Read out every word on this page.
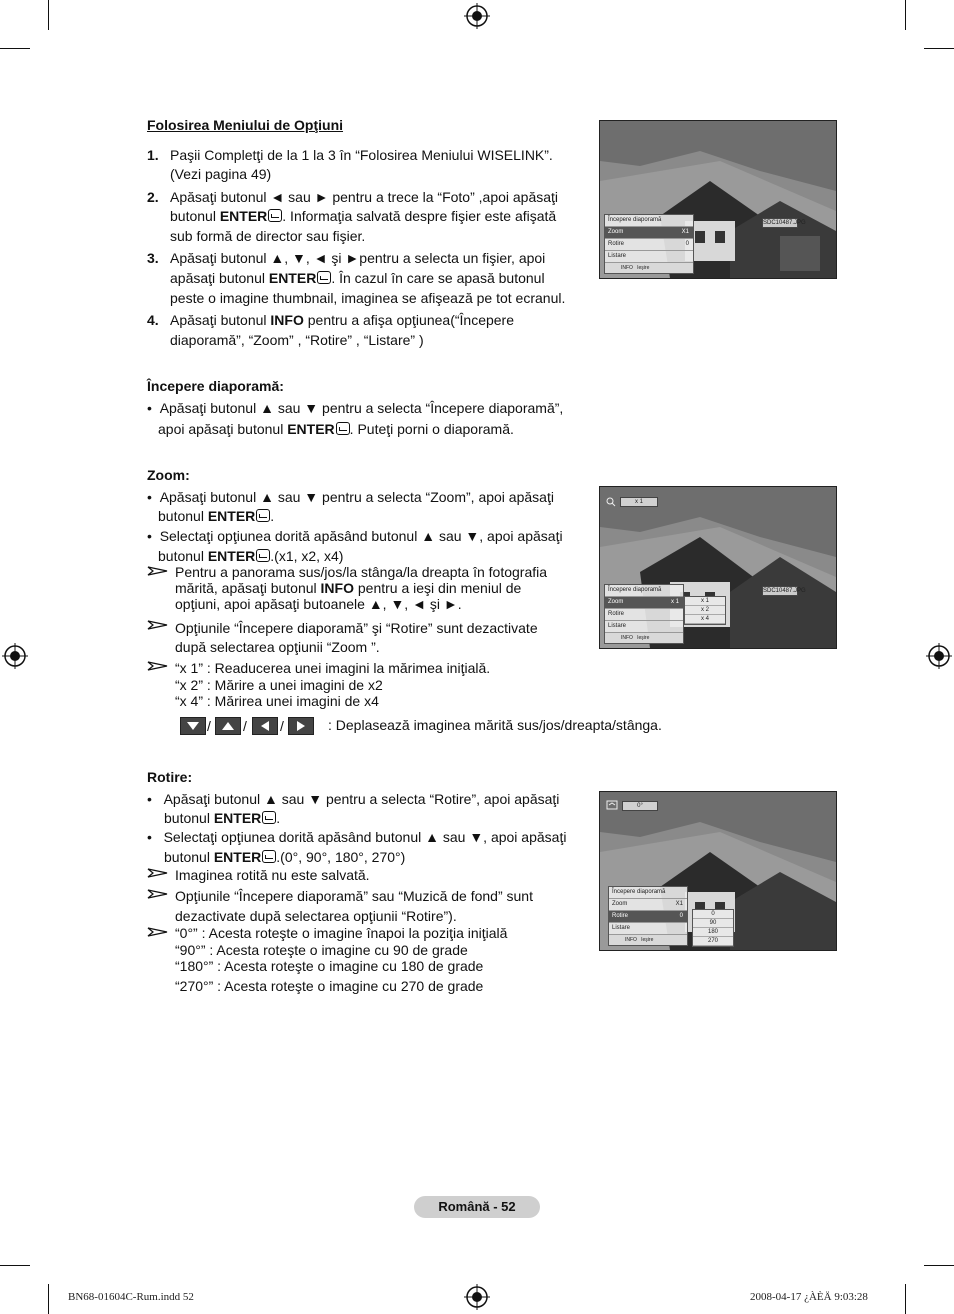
Folosirea Meniului de Opţiuni
1. Paşii Completţi de la 1 la 3 în “Folosirea Meniului WISELINK”.
(Vezi pagina 49)
2. Apăsaţi butonul ◄ sau ► pentru a trece la “Foto” ,apoi apăsaţi
butonul ENTER . Informaţia salvată despre fişier este afişată
sub formă de director sau fişier.
3. Apăsaţi butonul ▲, ▼, ◄ şi ►pentru a selecta un fişier, apoi
apăsaţi butonul ENTER . În cazul în care se apasă butonul
peste o imagine thumbnail, imaginea se afişează pe tot ecranul.
4. Apăsaţi butonul INFO pentru a afişa opţiunea(“Începere
diaporamă”, “Zoom” , “Rotire” , “Listare” )
Începere diaporamă:
•  Apăsaţi butonul ▲ sau ▼ pentru a selecta “Începere diaporamă”,
apoi apăsaţi butonul ENTER . Puteţi porni o diaporamă.
Zoom:
•  Apăsaţi butonul ▲ sau ▼ pentru a selecta “Zoom”, apoi apăsaţi
butonul ENTER .
•  Selectaţi opţiunea dorită apăsând butonul ▲ sau ▼, apoi apăsaţi
butonul ENTER .(x1, x2, x4)
Pentru a panorama sus/jos/la stânga/la dreapta în fotografia
mărită, apăsaţi butonul INFO pentru a ieşi din meniul de
opţiuni, apoi apăsaţi butoanele ▲, ▼, ◄ şi ►.
Opţiunile “Începere diaporamă” şi “Rotire” sunt dezactivate
după selectarea opţiunii “Zoom ”.
“x 1” : Readucerea unei imagini la mărimea iniţială.
“x 2” : Mărire a unei imagini de x2
“x 4” : Mărirea unei imagini de x4
/ / /	: Deplasează imaginea mărită sus/jos/dreapta/stânga.
Rotire:
•   Apăsaţi butonul ▲ sau ▼ pentru a selecta “Rotire”, apoi apăsaţi
butonul ENTER .
•   Selectaţi opţiunea dorită apăsând butonul ▲ sau ▼, apoi apăsaţi
butonul ENTER .(0°, 90°, 180°, 270°)
Imaginea rotită nu este salvată.
Opţiunile “Începere diaporamă” sau “Muzică de fond” sunt
dezactivate după selectarea opţiunii “Rotire”).
“0°” : Acesta roteşte o imagine înapoi la poziţia iniţială
“90°” : Acesta roteşte o imagine cu 90 de grade
“180°” : Acesta roteşte o imagine cu 180 de grade
“270°” : Acesta roteşte o imagine cu 270 de grade
Începere diaporamă
Zoom	X1
Rotire	0
Listare
INFO Ieşire
SDC10487.JPG
x 1
Începere diaporamă
Zoom	x 1
Rotire
Listare
INFO Ieşire
x 1
x 2
x 4
SDC10487.JPG
0°
Începere diaporamă
Zoom	X1
Rotire	0
Listare
INFO Ieşire
0
90
180
270
Română - 52
BN68-01604C-Rum.indd 52	2008-04-17 ¿ÀÈÄ 9:03:28
